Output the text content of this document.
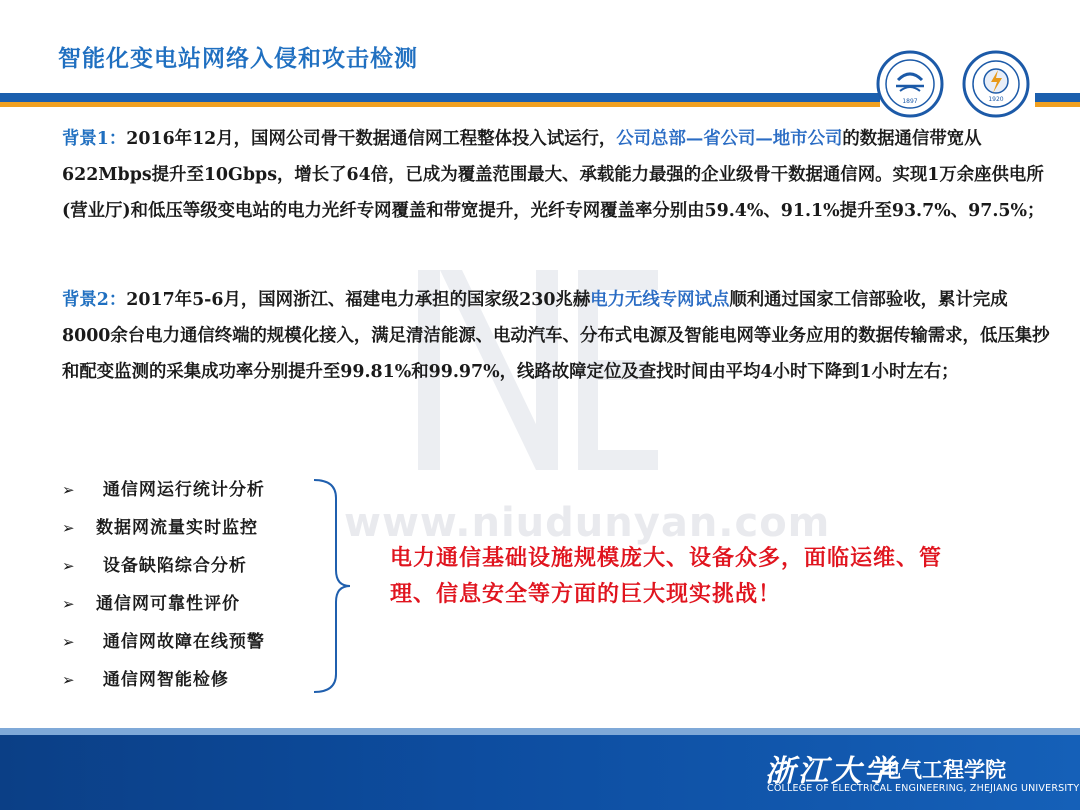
智能化变电站网络入侵和攻击检测
1897	1920
www.niudunyan.com
背景1：2016年12月，国网公司骨干数据通信网工程整体投入试运行，公司总部—省公司—地市公司的数据通信带宽从622Mbps提升至10Gbps，增长了64倍，已成为覆盖范围最大、承载能力最强的企业级骨干数据通信网。实现1万余座供电所(营业厅)和低压等级变电站的电力光纤专网覆盖和带宽提升，光纤专网覆盖率分别由59.4%、91.1%提升至93.7%、97.5%；
背景2：2017年5-6月，国网浙江、福建电力承担的国家级230兆赫电力无线专网试点顺利通过国家工信部验收，累计完成8000余台电力通信终端的规模化接入，满足清洁能源、电动汽车、分布式电源及智能电网等业务应用的数据传输需求，低压集抄和配变监测的采集成功率分别提升至99.81%和99.97%，线路故障定位及查找时间由平均4小时下降到1小时左右；
➢ 通信网运行统计分析
➢ 数据网流量实时监控
➢ 设备缺陷综合分析
➢ 通信网可靠性评价
➢ 通信网故障在线预警
➢ 通信网智能检修
电力通信基础设施规模庞大、设备众多，面临运维、管理、信息安全等方面的巨大现实挑战！
浙江大学
电气工程学院
COLLEGE OF ELECTRICAL ENGINEERING, ZHEJIANG UNIVERSITY
